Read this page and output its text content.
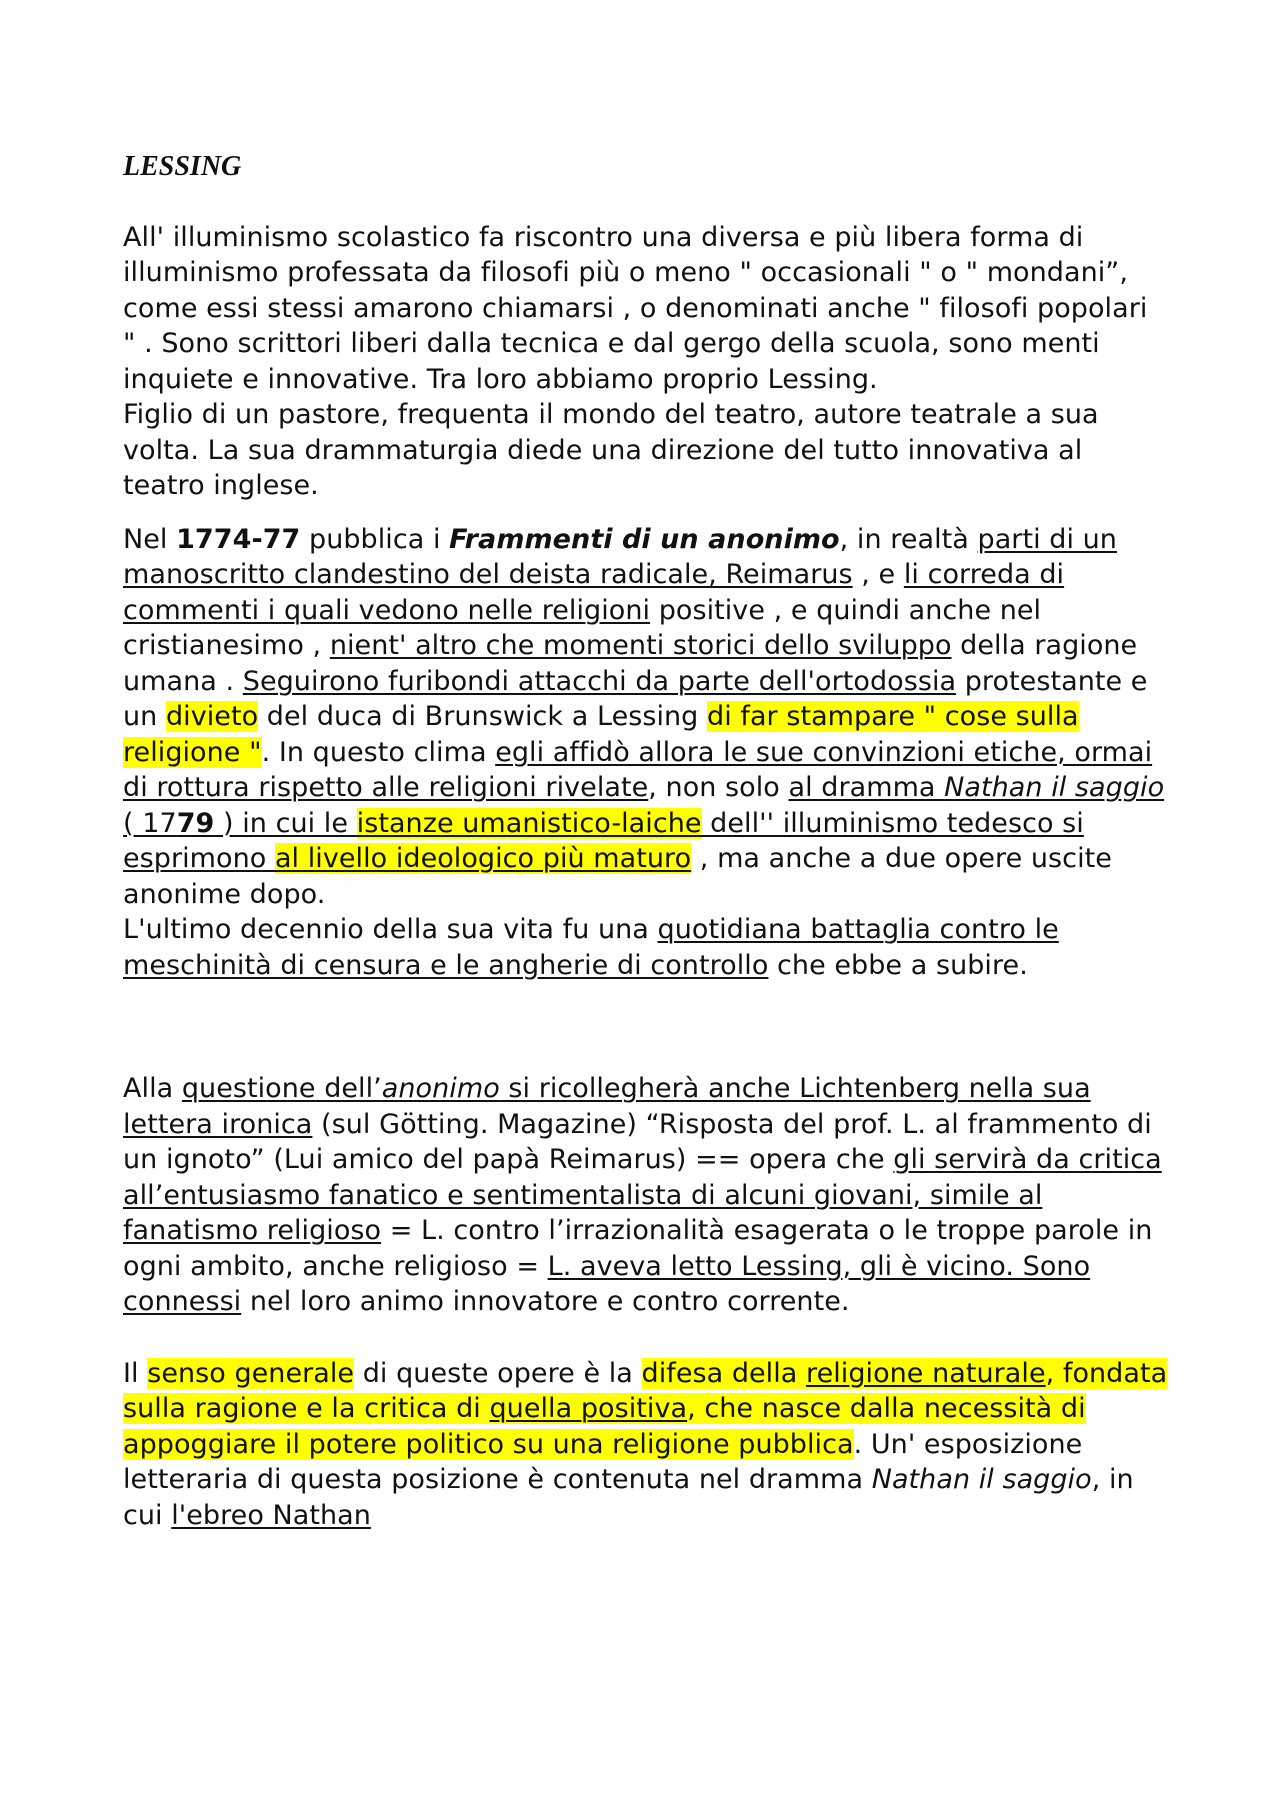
LESSING

All' illuminismo scolastico fa riscontro una diversa e più libera forma di illuminismo professata da filosofi più o meno " occasionali " o " mondani”, come essi stessi amarono chiamarsi , o denominati anche " filosofi popolari " . Sono scrittori liberi dalla tecnica e dal gergo della scuola, sono menti inquiete e innovative. Tra loro abbiamo proprio Lessing.

Figlio di un pastore, frequenta il mondo del teatro, autore teatrale a sua volta. La sua drammaturgia diede una direzione del tutto innovativa al teatro inglese.

Nel 1774-77 pubblica i Frammenti di un anonimo, in realtà parti di un manoscritto clandestino del deista radicale, Reimarus , e li correda di commenti i quali vedono nelle religioni positive , e quindi anche nel cristianesimo , nient' altro che momenti storici dello sviluppo della ragione umana . Seguirono furibondi attacchi da parte dell'ortodossia protestante e un divieto del duca di Brunswick a Lessing di far stampare " cose sulla religione ". In questo clima egli affidò allora le sue convinzioni etiche, ormai di rottura rispetto alle religioni rivelate, non solo al dramma Nathan il saggio ( 1779 ) in cui le istanze umanistico-laiche dell'' illuminismo tedesco si esprimono al livello ideologico più maturo , ma anche a due opere uscite anonime dopo.

L'ultimo decennio della sua vita fu una quotidiana battaglia contro le meschinità di censura e le angherie di controllo che ebbe a subire.

Alla questione dell’anonimo si ricollegherà anche Lichtenberg nella sua lettera ironica (sul Götting. Magazine) “Risposta del prof. L. al frammento di un ignoto” (Lui amico del papà Reimarus) == opera che gli servirà da critica all’entusiasmo fanatico e sentimentalista di alcuni giovani, simile al fanatismo religioso = L. contro l’irrazionalità esagerata o le troppe parole in ogni ambito, anche religioso = L. aveva letto Lessing, gli è vicino. Sono connessi nel loro animo innovatore e contro corrente.

Il senso generale di queste opere è la difesa della religione naturale, fondata sulla ragione e la critica di quella positiva, che nasce dalla necessità di appoggiare il potere politico su una religione pubblica. Un' esposizione letteraria di questa posizione è contenuta nel dramma Nathan il saggio, in cui l'ebreo Nathan
